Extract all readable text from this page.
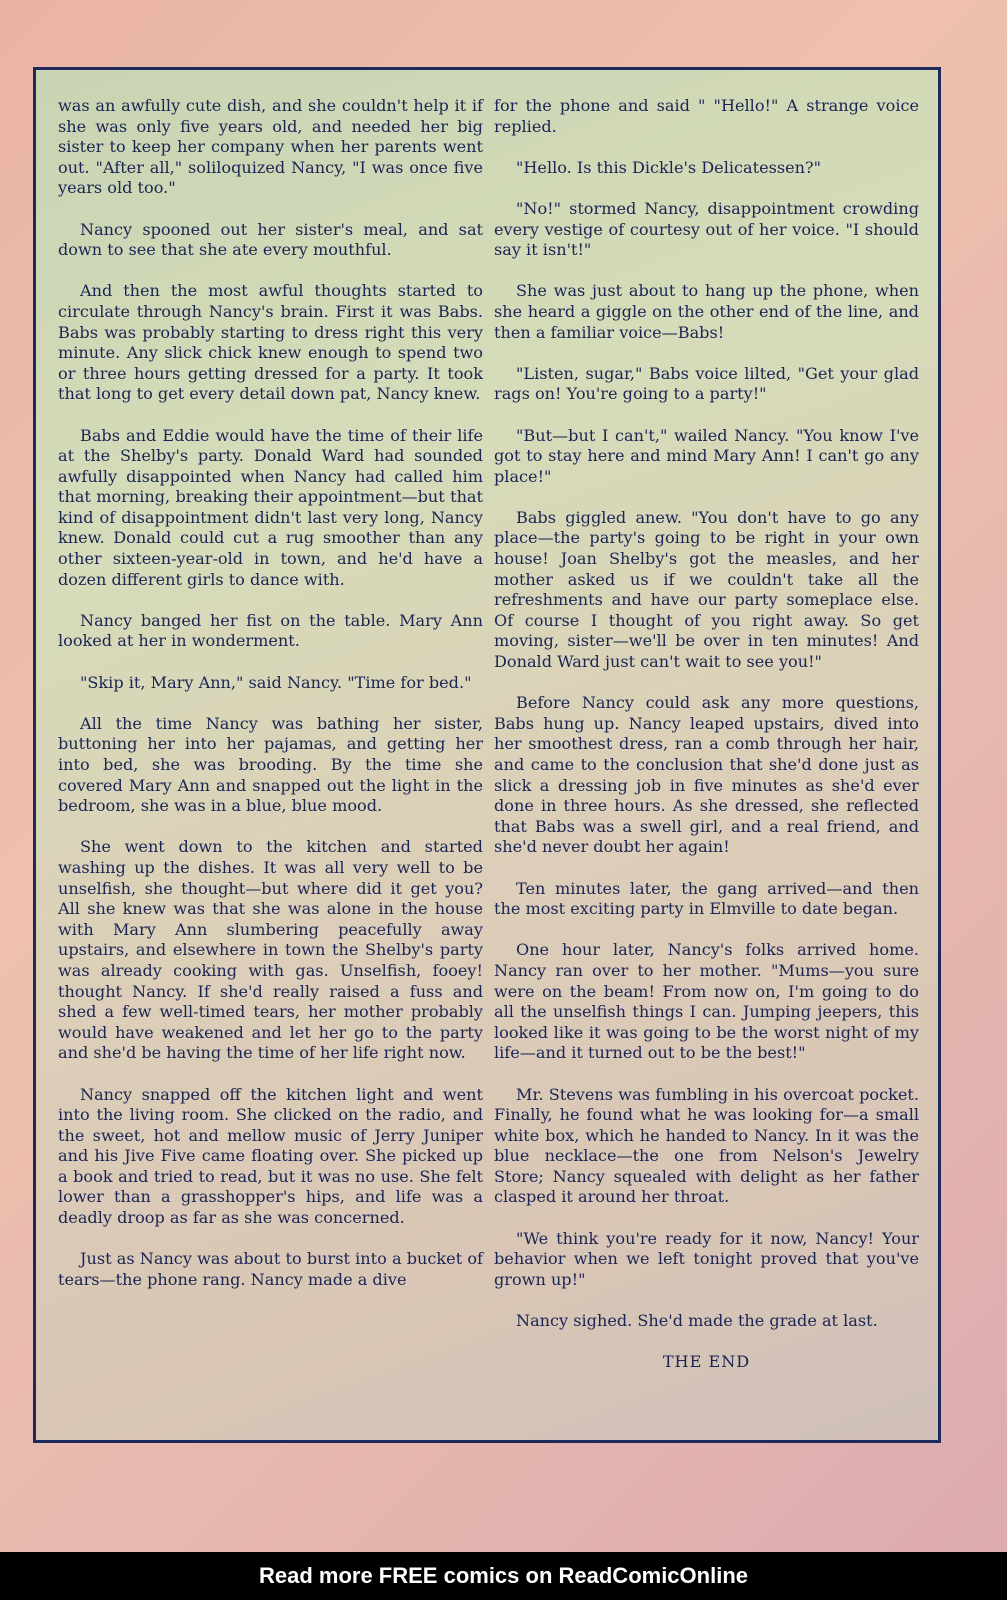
was an awfully cute dish, and she couldn't help it if she was only five years old, and needed her big sister to keep her company when her parents went out. "After all," soliloquized Nancy, "I was once five years old too."

Nancy spooned out her sister's meal, and sat down to see that she ate every mouthful.

And then the most awful thoughts started to circulate through Nancy's brain. First it was Babs. Babs was probably starting to dress right this very minute. Any slick chick knew enough to spend two or three hours getting dressed for a party. It took that long to get every detail down pat, Nancy knew.

Babs and Eddie would have the time of their life at the Shelby's party. Donald Ward had sounded awfully disappointed when Nancy had called him that morning, breaking their appointment—but that kind of disappointment didn't last very long, Nancy knew. Donald could cut a rug smoother than any other sixteen-year-old in town, and he'd have a dozen different girls to dance with.

Nancy banged her fist on the table. Mary Ann looked at her in wonderment.

"Skip it, Mary Ann," said Nancy. "Time for bed."

All the time Nancy was bathing her sister, buttoning her into her pajamas, and getting her into bed, she was brooding. By the time she covered Mary Ann and snapped out the light in the bedroom, she was in a blue, blue mood.

She went down to the kitchen and started washing up the dishes. It was all very well to be unselfish, she thought—but where did it get you? All she knew was that she was alone in the house with Mary Ann slumbering peacefully away upstairs, and elsewhere in town the Shelby's party was already cooking with gas. Unselfish, fooey! thought Nancy. If she'd really raised a fuss and shed a few well-timed tears, her mother probably would have weakened and let her go to the party and she'd be having the time of her life right now.

Nancy snapped off the kitchen light and went into the living room. She clicked on the radio, and the sweet, hot and mellow music of Jerry Juniper and his Jive Five came floating over. She picked up a book and tried to read, but it was no use. She felt lower than a grasshopper's hips, and life was a deadly droop as far as she was concerned.

Just as Nancy was about to burst into a bucket of tears—the phone rang. Nancy made a dive

for the phone and said " "Hello!" A strange voice replied.

"Hello. Is this Dickle's Delicatessen?"

"No!" stormed Nancy, disappointment crowding every vestige of courtesy out of her voice. "I should say it isn't!"

She was just about to hang up the phone, when she heard a giggle on the other end of the line, and then a familiar voice—Babs!

"Listen, sugar," Babs voice lilted, "Get your glad rags on! You're going to a party!"

"But—but I can't," wailed Nancy. "You know I've got to stay here and mind Mary Ann! I can't go any place!"

Babs giggled anew. "You don't have to go any place—the party's going to be right in your own house! Joan Shelby's got the measles, and her mother asked us if we couldn't take all the refreshments and have our party someplace else. Of course I thought of you right away. So get moving, sister—we'll be over in ten minutes! And Donald Ward just can't wait to see you!"

Before Nancy could ask any more questions, Babs hung up. Nancy leaped upstairs, dived into her smoothest dress, ran a comb through her hair, and came to the conclusion that she'd done just as slick a dressing job in five minutes as she'd ever done in three hours. As she dressed, she reflected that Babs was a swell girl, and a real friend, and she'd never doubt her again!

Ten minutes later, the gang arrived—and then the most exciting party in Elmville to date began.

One hour later, Nancy's folks arrived home. Nancy ran over to her mother. "Mums—you sure were on the beam! From now on, I'm going to do all the unselfish things I can. Jumping jeepers, this looked like it was going to be the worst night of my life—and it turned out to be the best!"

Mr. Stevens was fumbling in his overcoat pocket. Finally, he found what he was looking for—a small white box, which he handed to Nancy. In it was the blue necklace—the one from Nelson's Jewelry Store; Nancy squealed with delight as her father clasped it around her throat.

"We think you're ready for it now, Nancy! Your behavior when we left tonight proved that you've grown up!"

Nancy sighed. She'd made the grade at last.

THE END

Read more FREE comics on ReadComicOnline
